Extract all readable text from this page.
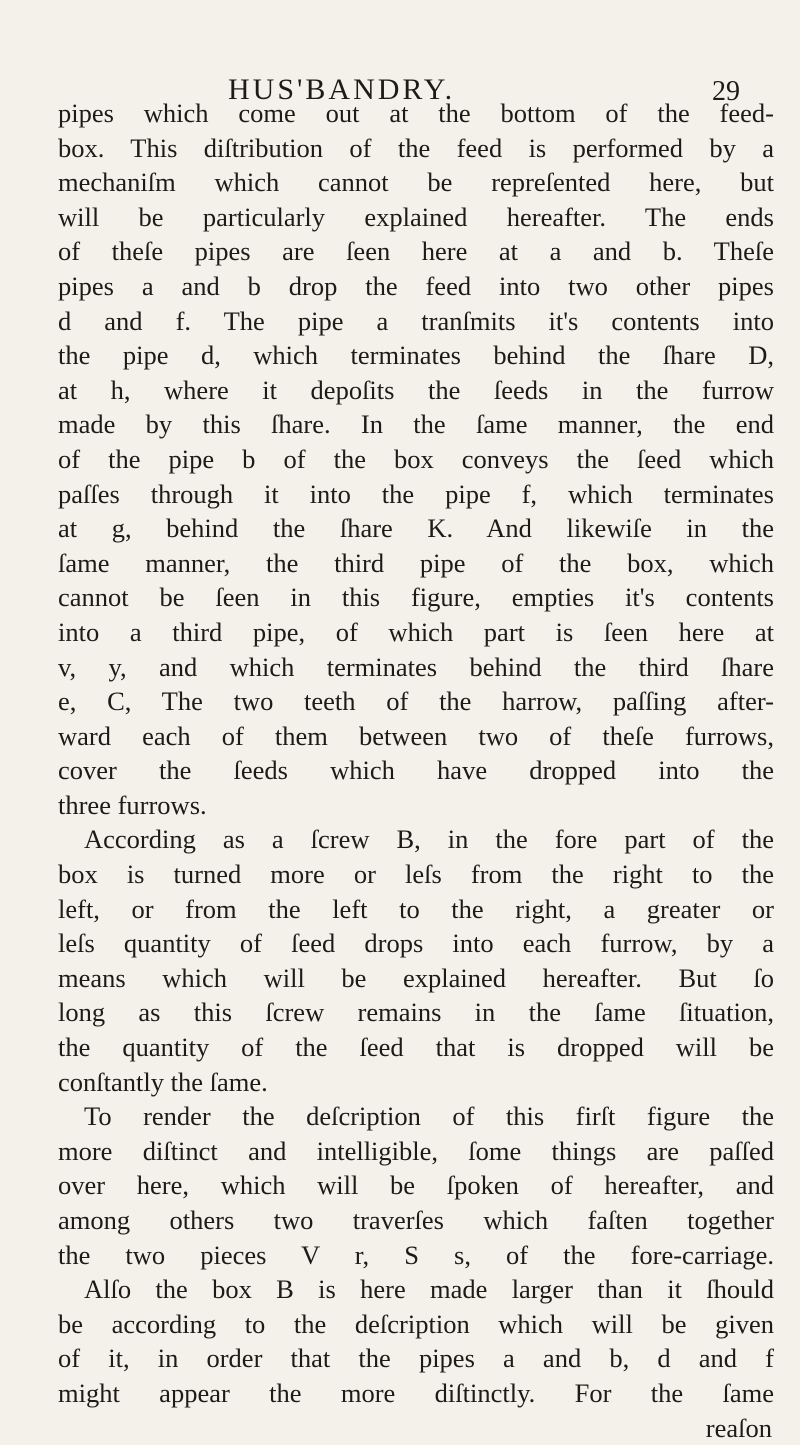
HUS'BANDRY.	29
pipes which come out at the bottom of the feed-
box. This diſtribution of the feed is performed by a
mechaniſm which cannot be repreſented here, but
will be particularly explained hereafter. The ends
of theſe pipes are ſeen here at a and b. Theſe
pipes a and b drop the feed into two other pipes
d and f. The pipe a tranſmits it's contents into
the pipe d, which terminates behind the ſhare D,
at h, where it depoſits the ſeeds in the furrow
made by this ſhare. In the ſame manner, the end
of the pipe b of the box conveys the ſeed which
paſſes through it into the pipe f, which terminates
at g, behind the ſhare K. And likewiſe in the
ſame manner, the third pipe of the box, which
cannot be ſeen in this figure, empties it's contents
into a third pipe, of which part is ſeen here at
v, y, and which terminates behind the third ſhare
e, C, The two teeth of the harrow, paſſing after-
ward each of them between two of theſe furrows,
cover the ſeeds which have dropped into the
three furrows.
According as a ſcrew B, in the fore part of the
box is turned more or leſs from the right to the
left, or from the left to the right, a greater or
leſs quantity of ſeed drops into each furrow, by a
means which will be explained hereafter. But ſo
long as this ſcrew remains in the ſame ſituation,
the quantity of the ſeed that is dropped will be
conſtantly the ſame.
To render the deſcription of this firſt figure the
more diſtinct and intelligible, ſome things are paſſed
over here, which will be ſpoken of hereafter, and
among others two traverſes which faſten together
the two pieces V r, S s, of the fore-carriage.
Alſo the box B is here made larger than it ſhould
be according to the deſcription which will be given
of it, in order that the pipes a and b, d and f
might appear the more diſtinctly. For the ſame
reaſon
